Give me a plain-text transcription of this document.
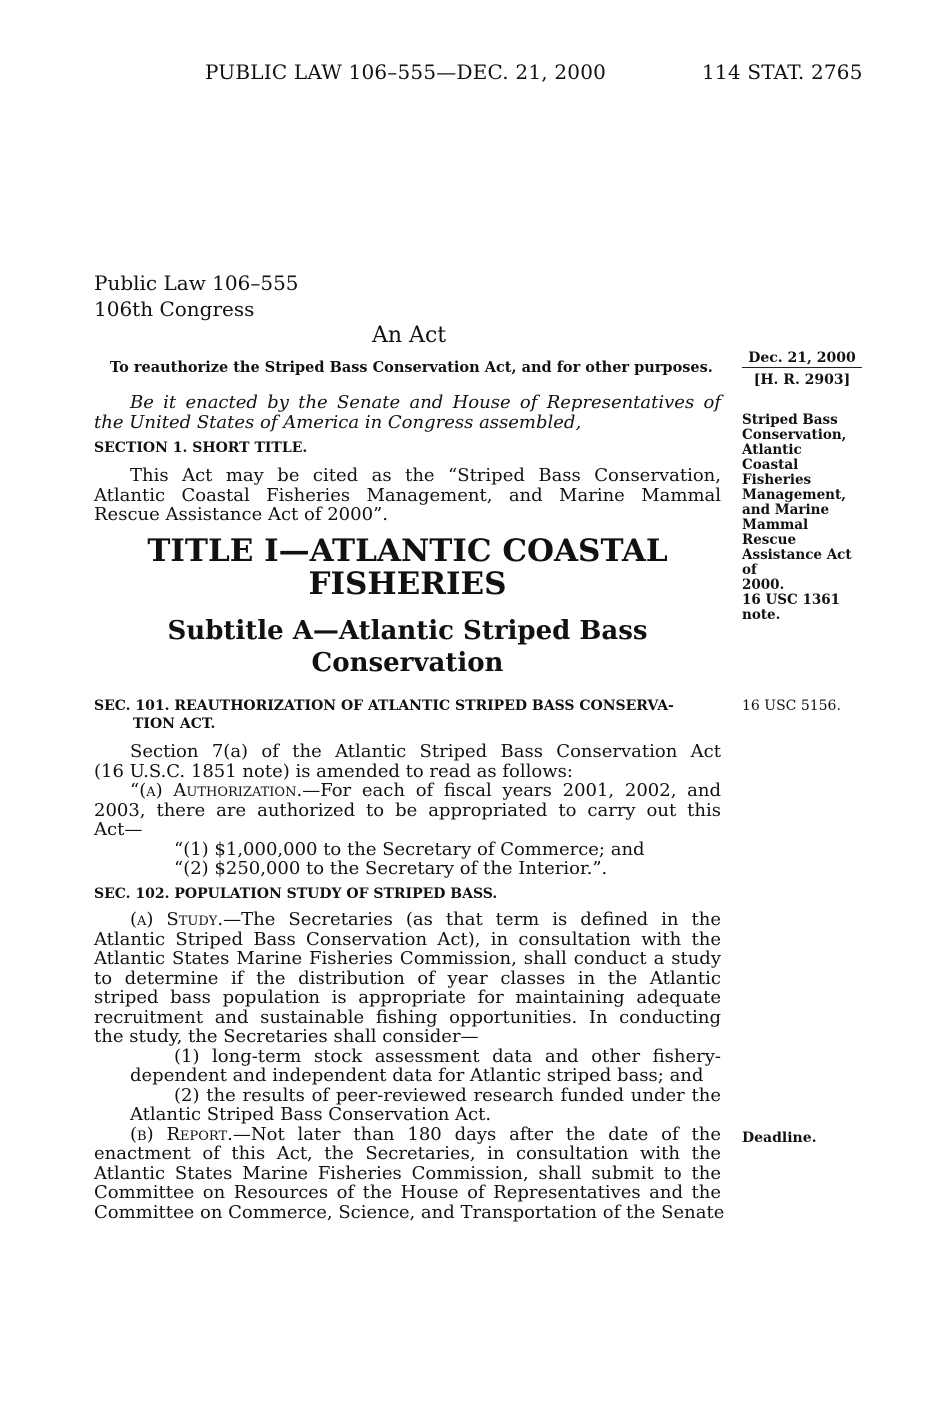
PUBLIC LAW 106–555—DEC. 21, 2000	114 STAT. 2765
Public Law 106–555
106th Congress
An Act
To reauthorize the Striped Bass Conservation Act, and for other purposes.
Dec. 21, 2000
[H. R. 2903]
Striped Bass
Conservation,
Atlantic Coastal
Fisheries
Management,
and Marine
Mammal Rescue
Assistance Act of
2000.
16 USC 1361
note.
16 USC 5156.
Deadline.
Be it enacted by the Senate and House of Representatives of
the United States of America in Congress assembled,
SECTION 1. SHORT TITLE.
This Act may be cited as the “Striped Bass Conservation,
Atlantic Coastal Fisheries Management, and Marine Mammal
Rescue Assistance Act of 2000”.
TITLE I—ATLANTIC COASTAL
FISHERIES
Subtitle A—Atlantic Striped Bass
Conservation
SEC. 101. REAUTHORIZATION OF ATLANTIC STRIPED BASS CONSERVA-
TION ACT.
Section 7(a) of the Atlantic Striped Bass Conservation Act
(16 U.S.C. 1851 note) is amended to read as follows:
“(a) Authorization.—For each of fiscal years 2001, 2002, and
2003, there are authorized to be appropriated to carry out this
Act—
“(1) $1,000,000 to the Secretary of Commerce; and
“(2) $250,000 to the Secretary of the Interior.”.
SEC. 102. POPULATION STUDY OF STRIPED BASS.
(a) Study.—The Secretaries (as that term is defined in the
Atlantic Striped Bass Conservation Act), in consultation with the
Atlantic States Marine Fisheries Commission, shall conduct a study
to determine if the distribution of year classes in the Atlantic
striped bass population is appropriate for maintaining adequate
recruitment and sustainable fishing opportunities. In conducting
the study, the Secretaries shall consider—
(1) long-term stock assessment data and other fishery-
dependent and independent data for Atlantic striped bass; and
(2) the results of peer-reviewed research funded under the
Atlantic Striped Bass Conservation Act.
(b) Report.—Not later than 180 days after the date of the
enactment of this Act, the Secretaries, in consultation with the
Atlantic States Marine Fisheries Commission, shall submit to the
Committee on Resources of the House of Representatives and the
Committee on Commerce, Science, and Transportation of the Senate
